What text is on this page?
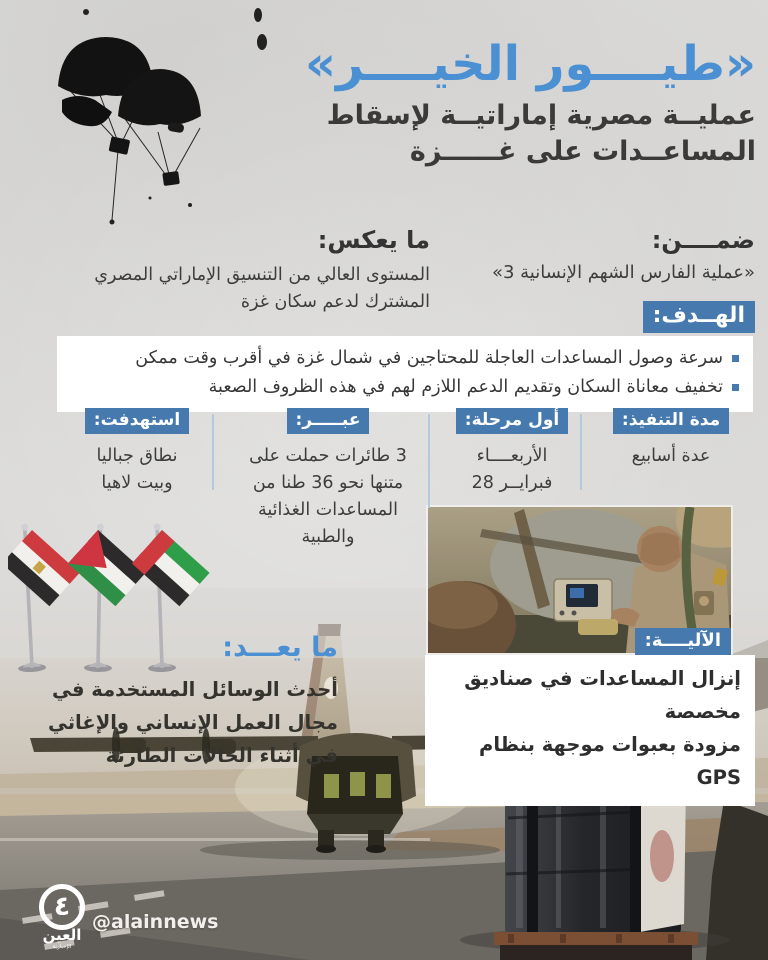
«طيــــور الخيــــر»
عمليــة مصرية إماراتيــة لإسقاط
المساعــدات على غــــــزة
ضمــــن:
«عملية الفارس الشهم الإنسانية 3»
ما يعكس:
المستوى العالي من التنسيق الإماراتي المصري
المشترك لدعم سكان غزة
الهــدف:
سرعة وصول المساعدات العاجلة للمحتاجين في شمال غزة في أقرب وقت ممكن
تخفيف معاناة السكان وتقديم الدعم اللازم لهم في هذه الظروف الصعبة
مدة التنفيذ:
عدة أسابيع
أول مرحلة:
الأربعــــاء
28 فبرايــر
عبـــــر:
3 طائرات حملت على
متنها نحو 36 طنا من
المساعدات الغذائية
والطبية
استهدفت:
نطاق جباليا
وبيت لاهيا
الآليــــة:
إنزال المساعدات في صناديق مخصصة
مزودة بعبوات موجهة بنظام GPS
ما يعـــد:
أحدث الوسائل المستخدمة في
مجال العمل الإنساني والإغاثي
في أثناء الحالات الطارئة
٤
العين
الإخبارية
@alainnews
